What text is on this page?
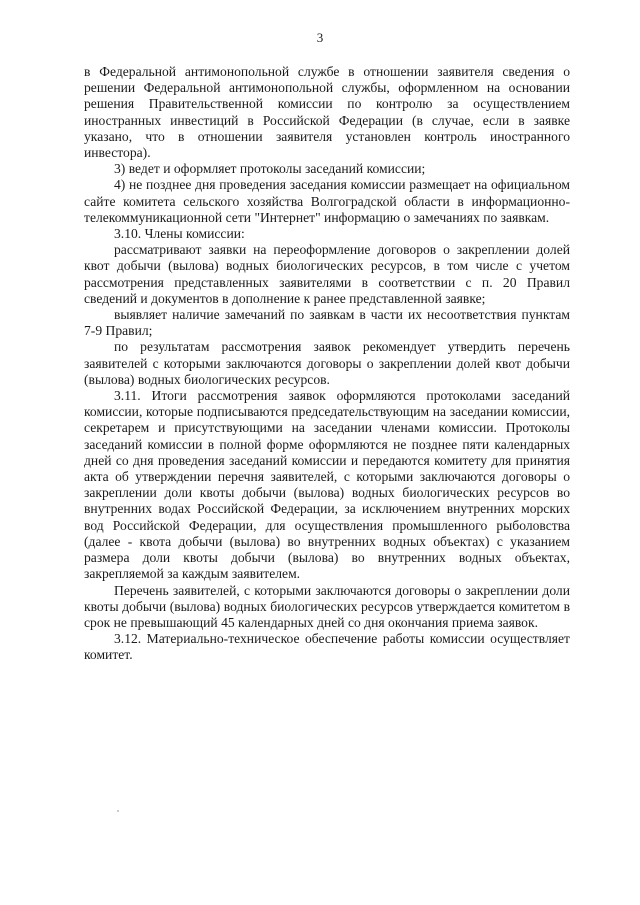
3

в Федеральной антимонопольной службе в отношении заявителя сведения о решении Федеральной антимонопольной службы, оформленном на основании решения Правительственной комиссии по контролю за осуществлением иностранных инвестиций в Российской Федерации (в случае, если в заявке указано, что в отношении заявителя установлен контроль иностранного инвестора).

3) ведет и оформляет протоколы заседаний комиссии;

4) не позднее дня проведения заседания комиссии размещает на официальном сайте комитета сельского хозяйства Волгоградской области в информационно-телекоммуникационной сети "Интернет" информацию о замечаниях по заявкам.

3.10. Члены комиссии:

рассматривают заявки на переоформление договоров о закреплении долей квот добычи (вылова) водных биологических ресурсов, в том числе с учетом рассмотрения представленных заявителями в соответствии с п. 20 Правил сведений и документов в дополнение к ранее представленной заявке;

выявляет наличие замечаний по заявкам в части их несоответствия пунктам 7-9 Правил;

по результатам рассмотрения заявок рекомендует утвердить перечень заявителей с которыми заключаются договоры о закреплении долей квот добычи (вылова) водных биологических ресурсов.

3.11. Итоги рассмотрения заявок оформляются протоколами заседаний комиссии, которые подписываются председательствующим на заседании комиссии, секретарем и присутствующими на заседании членами комиссии. Протоколы заседаний комиссии в полной форме оформляются не позднее пяти календарных дней со дня проведения заседаний комиссии и передаются комитету для принятия акта об утверждении перечня заявителей, с которыми заключаются договоры о закреплении доли квоты добычи (вылова) водных биологических ресурсов во внутренних водах Российской Федерации, за исключением внутренних морских вод Российской Федерации, для осуществления промышленного рыболовства (далее - квота добычи (вылова) во внутренних водных объектах) с указанием размера доли квоты добычи (вылова) во внутренних водных объектах, закрепляемой за каждым заявителем.

Перечень заявителей, с которыми заключаются договоры о закреплении доли квоты добычи (вылова) водных биологических ресурсов утверждается комитетом в срок не превышающий 45 календарных дней со дня окончания приема заявок.

3.12. Материально-техническое обеспечение работы комиссии осуществляет комитет.
